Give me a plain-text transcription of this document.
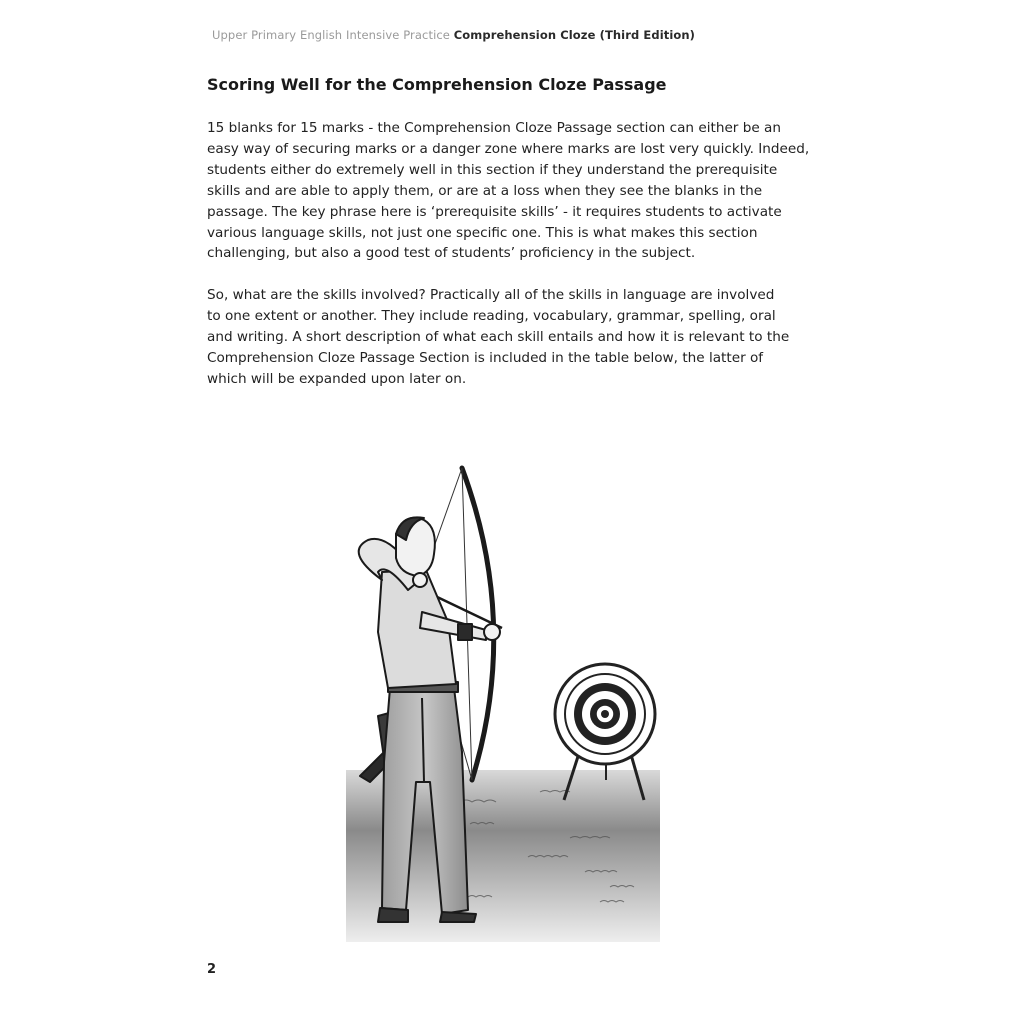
Upper Primary English Intensive Practice Comprehension Cloze (Third Edition)
Scoring Well for the Comprehension Cloze Passage

15 blanks for 15 marks - the Comprehension Cloze Passage section can either be an
easy way of securing marks or a danger zone where marks are lost very quickly. Indeed,
students either do extremely well in this section if they understand the prerequisite
skills and are able to apply them, or are at a loss when they see the blanks in the
passage. The key phrase here is ‘prerequisite skills’ - it requires students to activate
various language skills, not just one specific one. This is what makes this section
challenging, but also a good test of students’ proficiency in the subject.

So, what are the skills involved? Practically all of the skills in language are involved
to one extent or another. They include reading, vocabulary, grammar, spelling, oral
and writing. A short description of what each skill entails and how it is relevant to the
Comprehension Cloze Passage Section is included in the table below, the latter of
which will be expanded upon later on.

2
